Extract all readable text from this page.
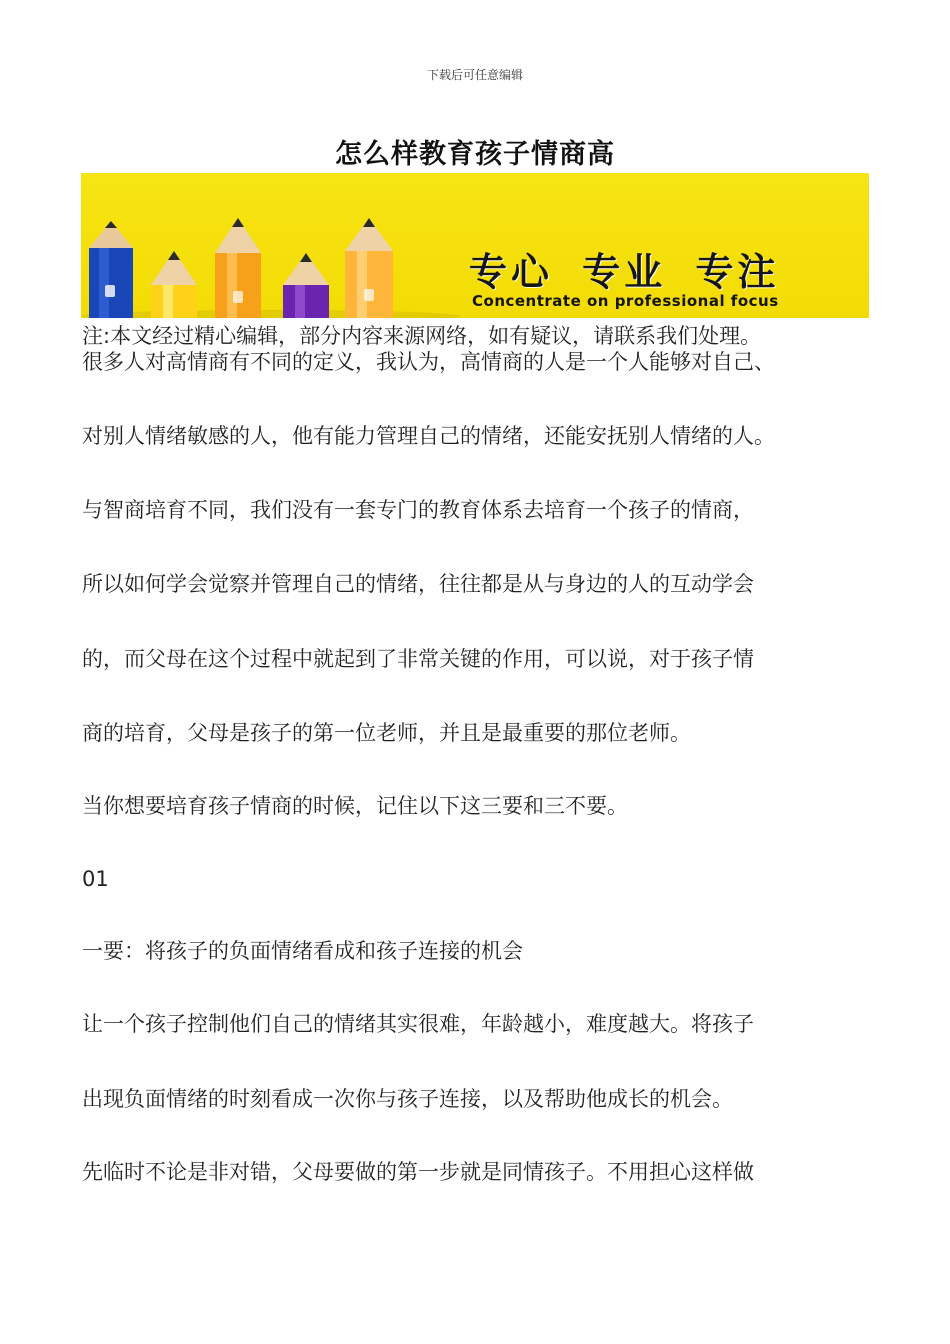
下载后可任意编辑
怎么样教育孩子情商高
专心 专业 专注
Concentrate on professional focus
注:本文经过精心编辑，部分内容来源网络，如有疑议，请联系我们处理。
很多人对高情商有不同的定义，我认为，高情商的人是一个人能够对自己、
对别人情绪敏感的人，他有能力管理自己的情绪，还能安抚别人情绪的人。
与智商培育不同，我们没有一套专门的教育体系去培育一个孩子的情商，
所以如何学会觉察并管理自己的情绪，往往都是从与身边的人的互动学会
的，而父母在这个过程中就起到了非常关键的作用，可以说，对于孩子情
商的培育，父母是孩子的第一位老师，并且是最重要的那位老师。
当你想要培育孩子情商的时候，记住以下这三要和三不要。
01
一要：将孩子的负面情绪看成和孩子连接的机会
让一个孩子控制他们自己的情绪其实很难，年龄越小，难度越大。将孩子
出现负面情绪的时刻看成一次你与孩子连接，以及帮助他成长的机会。
先临时不论是非对错，父母要做的第一步就是同情孩子。不用担心这样做
